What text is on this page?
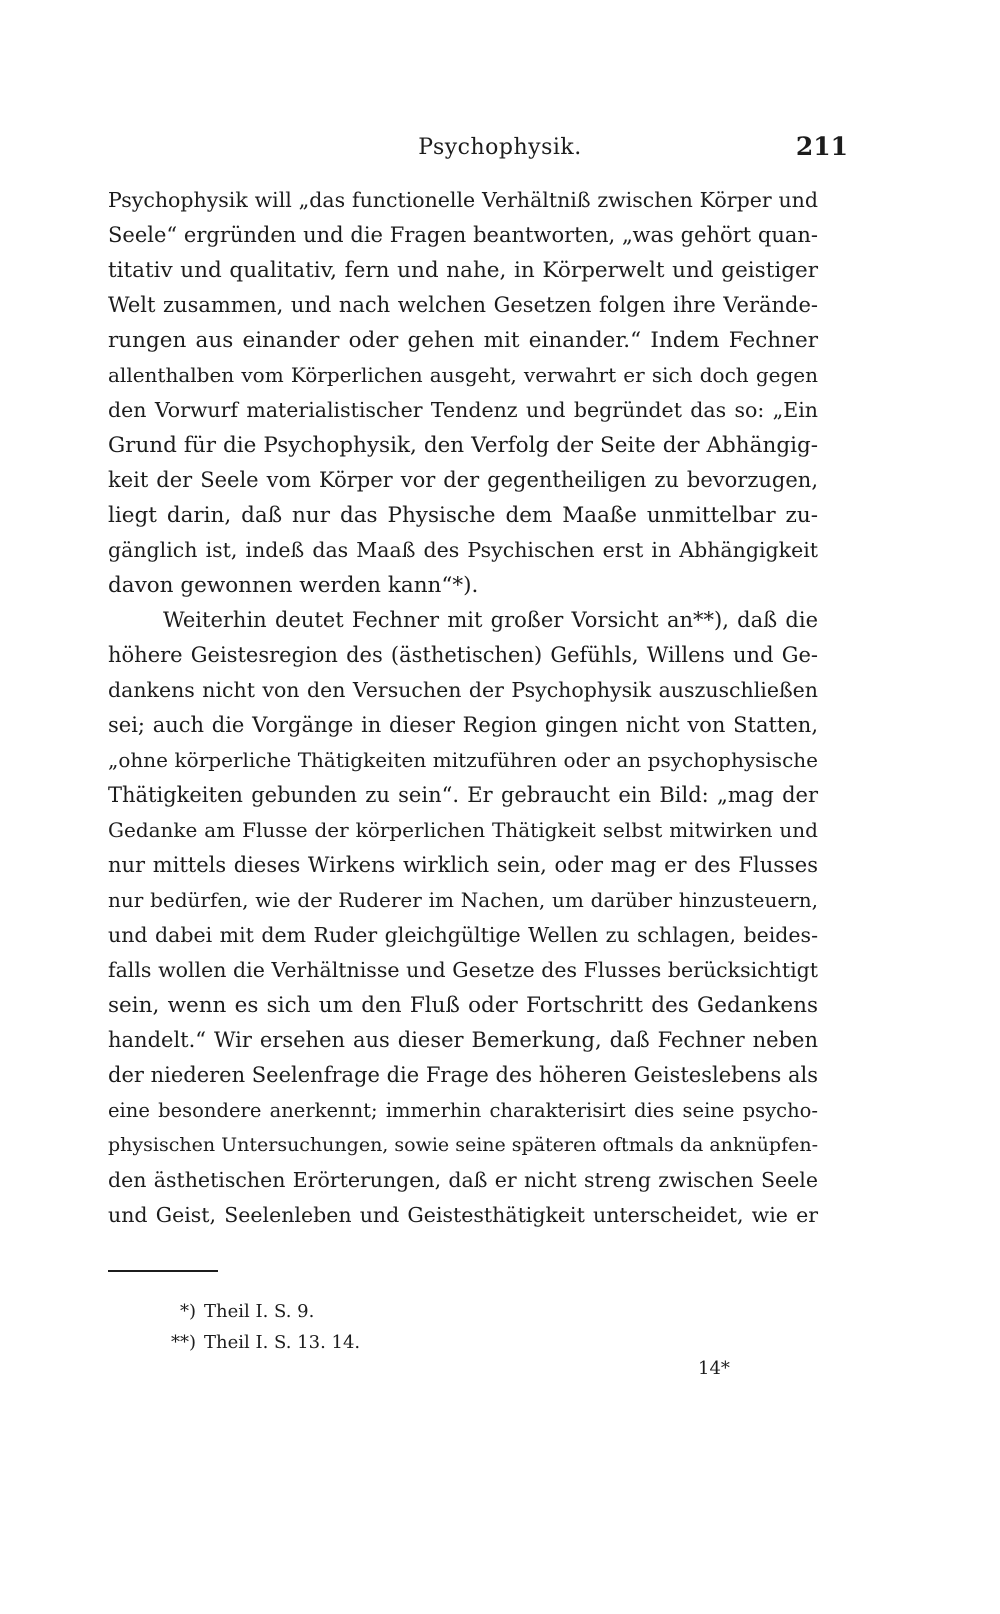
Psychophysik.	211
Psychophysik will „das functionelle Verhältniß zwischen Körper und
Seele“ ergründen und die Fragen beantworten, „was gehört quan-
titativ und qualitativ, fern und nahe, in Körperwelt und geistiger
Welt zusammen, und nach welchen Gesetzen folgen ihre Verände-
rungen aus einander oder gehen mit einander.“ Indem Fechner
allenthalben vom Körperlichen ausgeht, verwahrt er sich doch gegen
den Vorwurf materialistischer Tendenz und begründet das so: „Ein
Grund für die Psychophysik, den Verfolg der Seite der Abhängig-
keit der Seele vom Körper vor der gegentheiligen zu bevorzugen,
liegt darin, daß nur das Physische dem Maaße unmittelbar zu-
gänglich ist, indeß das Maaß des Psychischen erst in Abhängigkeit
davon gewonnen werden kann“*).
Weiterhin deutet Fechner mit großer Vorsicht an**), daß die
höhere Geistesregion des (ästhetischen) Gefühls, Willens und Ge-
dankens nicht von den Versuchen der Psychophysik auszuschließen
sei; auch die Vorgänge in dieser Region gingen nicht von Statten,
„ohne körperliche Thätigkeiten mitzuführen oder an psychophysische
Thätigkeiten gebunden zu sein“. Er gebraucht ein Bild: „mag der
Gedanke am Flusse der körperlichen Thätigkeit selbst mitwirken und
nur mittels dieses Wirkens wirklich sein, oder mag er des Flusses
nur bedürfen, wie der Ruderer im Nachen, um darüber hinzusteuern,
und dabei mit dem Ruder gleichgültige Wellen zu schlagen, beides-
falls wollen die Verhältnisse und Gesetze des Flusses berücksichtigt
sein, wenn es sich um den Fluß oder Fortschritt des Gedankens
handelt.“ Wir ersehen aus dieser Bemerkung, daß Fechner neben
der niederen Seelenfrage die Frage des höheren Geisteslebens als
eine besondere anerkennt; immerhin charakterisirt dies seine psycho-
physischen Untersuchungen, sowie seine späteren oftmals da anknüpfen-
den ästhetischen Erörterungen, daß er nicht streng zwischen Seele
und Geist, Seelenleben und Geistesthätigkeit unterscheidet, wie er
*) Theil I. S. 9.
**) Theil I. S. 13. 14.
14*
